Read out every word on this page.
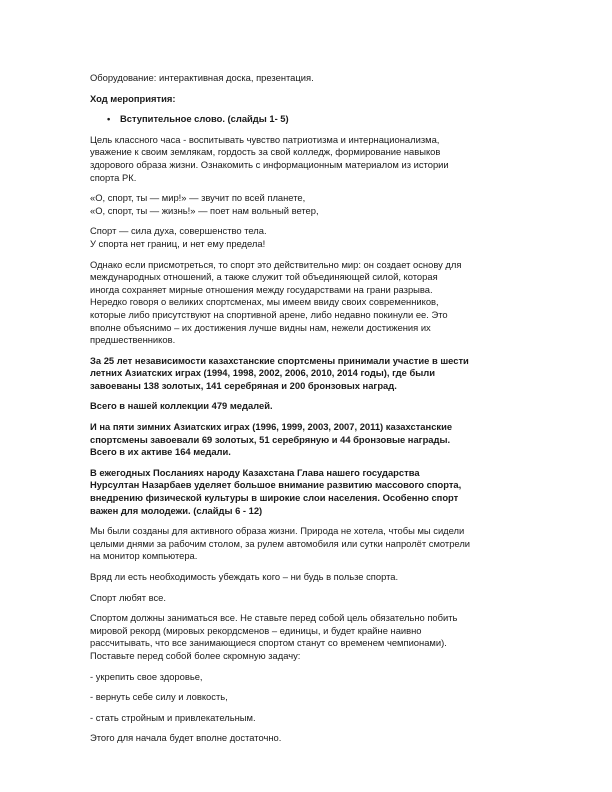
Оборудование: интерактивная доска, презентация.

Ход мероприятия:

• Вступительное слово. (слайды 1- 5)

Цель классного часа - воспитывать чувство патриотизма и интернационализма,
уважение к своим землякам, гордость за свой колледж, формирование навыков
здорового образа жизни. Ознакомить с информационным материалом из истории
спорта РК.

«О, спорт, ты — мир!» — звучит по всей планете,
«О, спорт, ты — жизнь!» — поет нам вольный ветер,

Спорт — сила духа, совершенство тела.
У спорта нет границ, и нет ему предела!

Однако если присмотреться, то спорт это действительно мир: он создает основу для
международных отношений, а также служит той объединяющей силой, которая
иногда сохраняет мирные отношения между государствами на грани разрыва.
Нередко говоря о великих спортсменах, мы имеем ввиду своих современников,
которые либо присутствуют на спортивной арене, либо недавно покинули ее. Это
вполне объяснимо – их достижения лучше видны нам, нежели достижения их
предшественников.

За 25 лет независимости казахстанские спортсмены принимали участие в шести
летних Азиатских играх (1994, 1998, 2002, 2006, 2010, 2014 годы), где были
завоеваны 138 золотых, 141 серебряная и 200 бронзовых наград.

Всего в нашей коллекции 479 медалей.

И на пяти зимних Азиатских играх (1996, 1999, 2003, 2007, 2011) казахстанские
спортсмены завоевали 69 золотых, 51 серебряную и 44 бронзовые награды.
Всего в их активе 164 медали.

В ежегодных Посланиях народу Казахстана Глава нашего государства
Нурсултан Назарбаев уделяет большое внимание развитию массового спорта,
внедрению физической культуры в широкие слои населения. Особенно спорт
важен для молодежи. (слайды 6 - 12)

Мы были созданы для активного образа жизни. Природа не хотела, чтобы мы сидели
целыми днями за рабочим столом, за рулем автомобиля или сутки напролёт смотрели
на монитор компьютера.

Вряд ли есть необходимость убеждать кого – ни будь в пользе спорта.

Спорт любят все.

Спортом должны заниматься все. Не ставьте перед собой цель обязательно побить
мировой рекорд (мировых рекордсменов – единицы, и будет крайне наивно
рассчитывать, что все занимающиеся спортом станут со временем чемпионами).
Поставьте перед собой более скромную задачу:

- укрепить свое здоровье,

- вернуть себе силу и ловкость,

- стать стройным и привлекательным.

Этого для начала будет вполне достаточно.
